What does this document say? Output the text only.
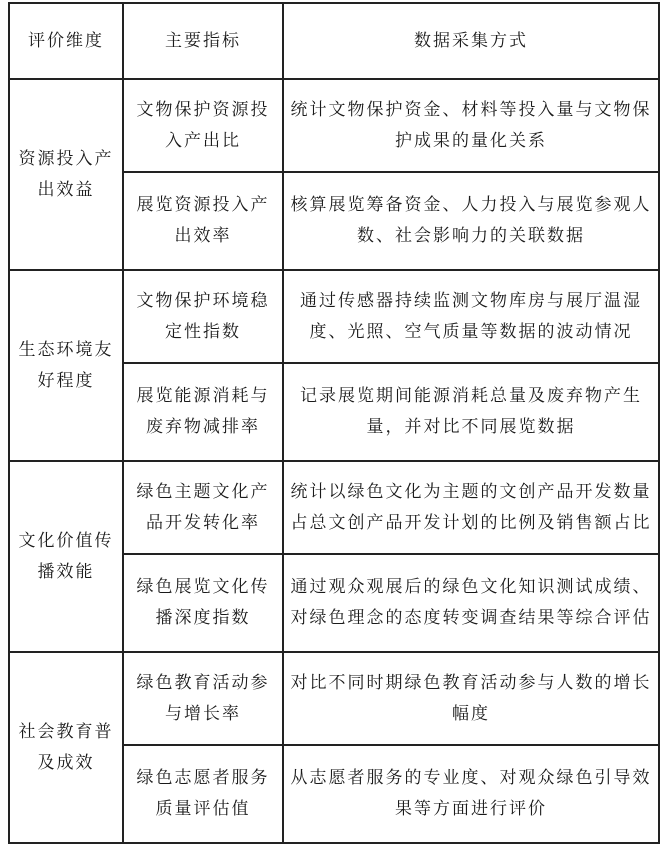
评价维度	主要指标	数据采集方式
资源投入产出效益	文物保护资源投入产出比	统计文物保护资金、材料等投入量与文物保护成果的量化关系
	展览资源投入产出效率	核算展览筹备资金、人力投入与展览参观人数、社会影响力的关联数据
生态环境友好程度	文物保护环境稳定性指数	通过传感器持续监测文物库房与展厅温湿度、光照、空气质量等数据的波动情况
	展览能源消耗与废弃物减排率	记录展览期间能源消耗总量及废弃物产生量，并对比不同展览数据
文化价值传播效能	绿色主题文化产品开发转化率	统计以绿色文化为主题的文创产品开发数量占总文创产品开发计划的比例及销售额占比
	绿色展览文化传播深度指数	通过观众观展后的绿色文化知识测试成绩、对绿色理念的态度转变调查结果等综合评估
社会教育普及成效	绿色教育活动参与增长率	对比不同时期绿色教育活动参与人数的增长幅度
	绿色志愿者服务质量评估值	从志愿者服务的专业度、对观众绿色引导效果等方面进行评价
